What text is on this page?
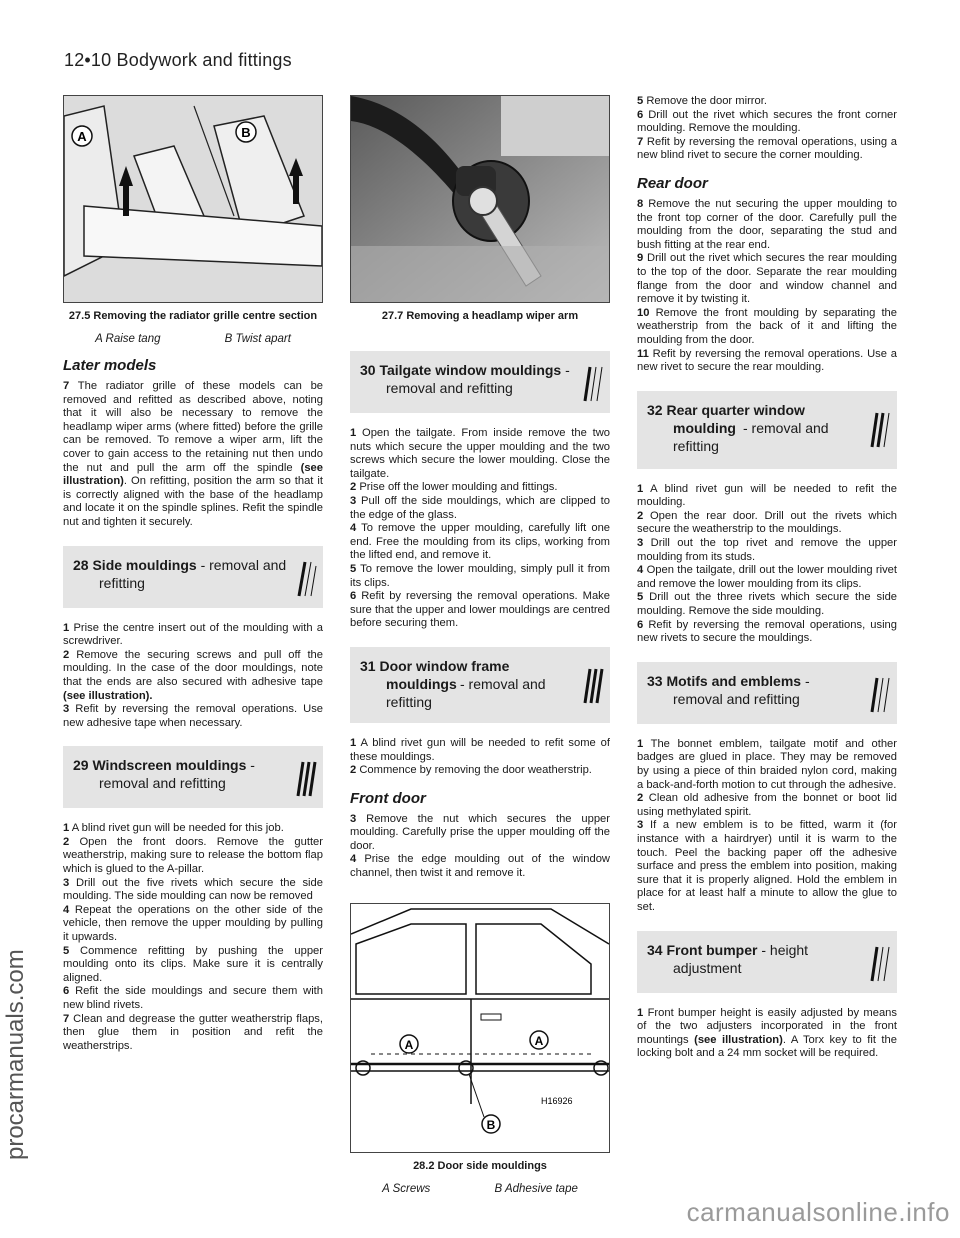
12•10 Bodywork and fittings
A	B
27.5 Removing the radiator grille centre section
A Raise tang	B Twist apart
Later models

7 The radiator grille of these models can be removed and refitted as described above, noting that it will also be necessary to remove the headlamp wiper arms (where fitted) before the grille can be removed. To remove a wiper arm, lift the cover to gain access to the retaining nut then undo the nut and pull the arm off the spindle (see illustration). On refitting, position the arm so that it is correctly aligned with the base of the headlamp and locate it on the spindle splines. Refit the spindle nut and tighten it securely.

28 Side mouldings - removal and
refitting

1 Prise the centre insert out of the moulding with a screwdriver.

2 Remove the securing screws and pull off the moulding. In the case of the door mouldings, note that the ends are also secured with adhesive tape (see illustration).

3 Refit by reversing the removal operations. Use new adhesive tape when necessary.

29 Windscreen mouldings -
removal and refitting

1 A blind rivet gun will be needed for this job.

2 Open the front doors. Remove the gutter weatherstrip, making sure to release the bottom flap which is glued to the A-pillar.

3 Drill out the five rivets which secure the side moulding. The side moulding can now be removed

4 Repeat the operations on the other side of the vehicle, then remove the upper moulding by pulling it upwards.

5 Commence refitting by pushing the upper moulding onto its clips. Make sure it is centrally aligned.

6 Refit the side mouldings and secure them with new blind rivets.

7 Clean and degrease the gutter weatherstrip flaps, then glue them in position and refit the weatherstrips.

27.7 Removing a headlamp wiper arm
30 Tailgate window mouldings -
removal and refitting

1 Open the tailgate. From inside remove the two nuts which secure the upper moulding and the two screws which secure the lower moulding. Close the tailgate.

2 Prise off the lower moulding and fittings.

3 Pull off the side mouldings, which are clipped to the edge of the glass.

4 To remove the upper moulding, carefully lift one end. Free the moulding from its clips, working from the lifted end, and remove it.

5 To remove the lower moulding, simply pull it from its clips.

6 Refit by reversing the removal operations. Make sure that the upper and lower mouldings are centred before securing them.

31 Door window frame
mouldings - removal and
refitting

1 A blind rivet gun will be needed to refit some of these mouldings.

2 Commence by removing the door weatherstrip.

Front door

3 Remove the nut which secures the upper moulding. Carefully prise the upper moulding off the door.

4 Prise the edge moulding out of the window channel, then twist it and remove it.

A	A
B
H16926
28.2 Door side mouldings
A Screws	B Adhesive tape

5 Remove the door mirror.

6 Drill out the rivet which secures the front corner moulding. Remove the moulding.

7 Refit by reversing the removal operations, using a new blind rivet to secure the corner moulding.

Rear door

8 Remove the nut securing the upper moulding to the front top corner of the door. Carefully pull the moulding from the door, separating the stud and bush fitting at the rear end.

9 Drill out the rivet which secures the rear moulding to the top of the door. Separate the rear moulding flange from the door and window channel and remove it by twisting it.

10 Remove the front moulding by separating the weatherstrip from the back of it and lifting the moulding from the door.

11 Refit by reversing the removal operations. Use a new rivet to secure the rear moulding.

32 Rear quarter window
moulding - removal and
refitting

1 A blind rivet gun will be needed to refit the moulding.

2 Open the rear door. Drill out the rivets which secure the weatherstrip to the mouldings.

3 Drill out the top rivet and remove the upper moulding from its studs.

4 Open the tailgate, drill out the lower moulding rivet and remove the lower moulding from its clips.

5 Drill out the three rivets which secure the side moulding. Remove the side moulding.

6 Refit by reversing the removal operations, using new rivets to secure the mouldings.

33 Motifs and emblems -
removal and refitting

1 The bonnet emblem, tailgate motif and other badges are glued in place. They may be removed by using a piece of thin braided nylon cord, making a back-and-forth motion to cut through the adhesive.

2 Clean old adhesive from the bonnet or boot lid using methylated spirit.

3 If a new emblem is to be fitted, warm it (for instance with a hairdryer) until it is warm to the touch. Peel the backing paper off the adhesive surface and press the emblem into position, making sure that it is properly aligned. Hold the emblem in place for at least half a minute to allow the glue to set.

34 Front bumper - height
adjustment

1 Front bumper height is easily adjusted by means of the two adjusters incorporated in the front mountings (see illustration). A Torx key to fit the locking bolt and a 24 mm socket will be required.

procarmanuals.com
carmanualsonline.info
